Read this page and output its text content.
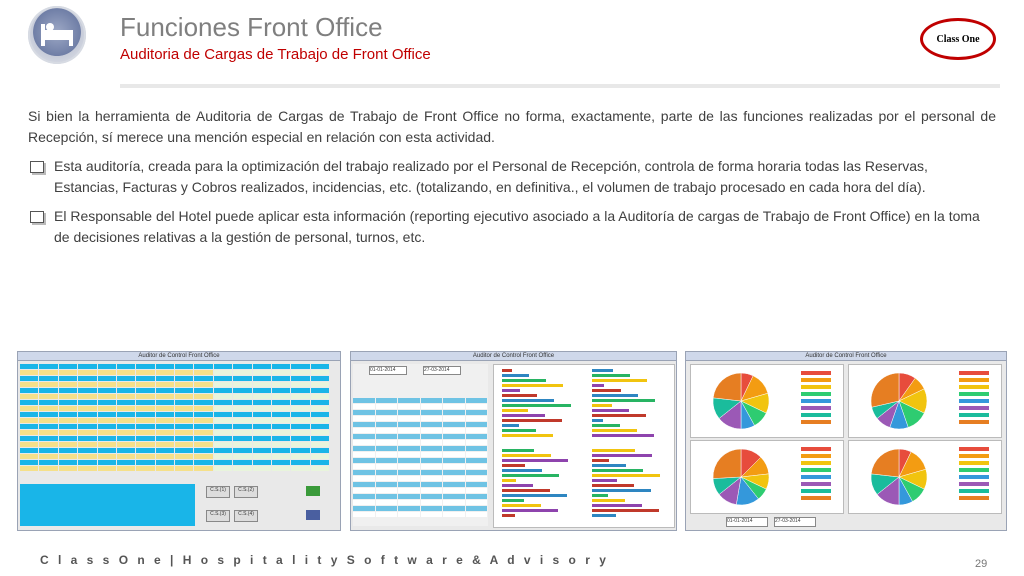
Funciones Front Office
Auditoria de Cargas de Trabajo de Front Office
Class One

Si bien la herramienta de Auditoria de Cargas de Trabajo de Front Office no forma, exactamente, parte de las funciones realizadas por el personal de Recepción, sí merece una mención especial en relación con esta actividad.

Esta auditoría, creada para la optimización del trabajo realizado por el Personal de Recepción, controla de forma horaria todas las Reservas, Estancias, Facturas y Cobros realizados, incidencias, etc. (totalizando, en definitiva., el volumen de trabajo procesado en cada hora del día).
El Responsable del Hotel puede aplicar esta información (reporting ejecutivo asociado a la Auditoría de cargas de Trabajo de Front Office) en la toma de decisiones relativas a la gestión de personal, turnos, etc.
Auditor de Control Front Office
C.S.(1)	C.S.(2)
C.S.(3)	C.S.(4)
Auditor de Control Front Office
01-01-2014	27-03-2014
Auditor de Control Front Office
01-01-2014	27-03-2014
C l a s s O n e | H o s p i t a l i t y S o f t w a r e & A d v i s o r y	29
